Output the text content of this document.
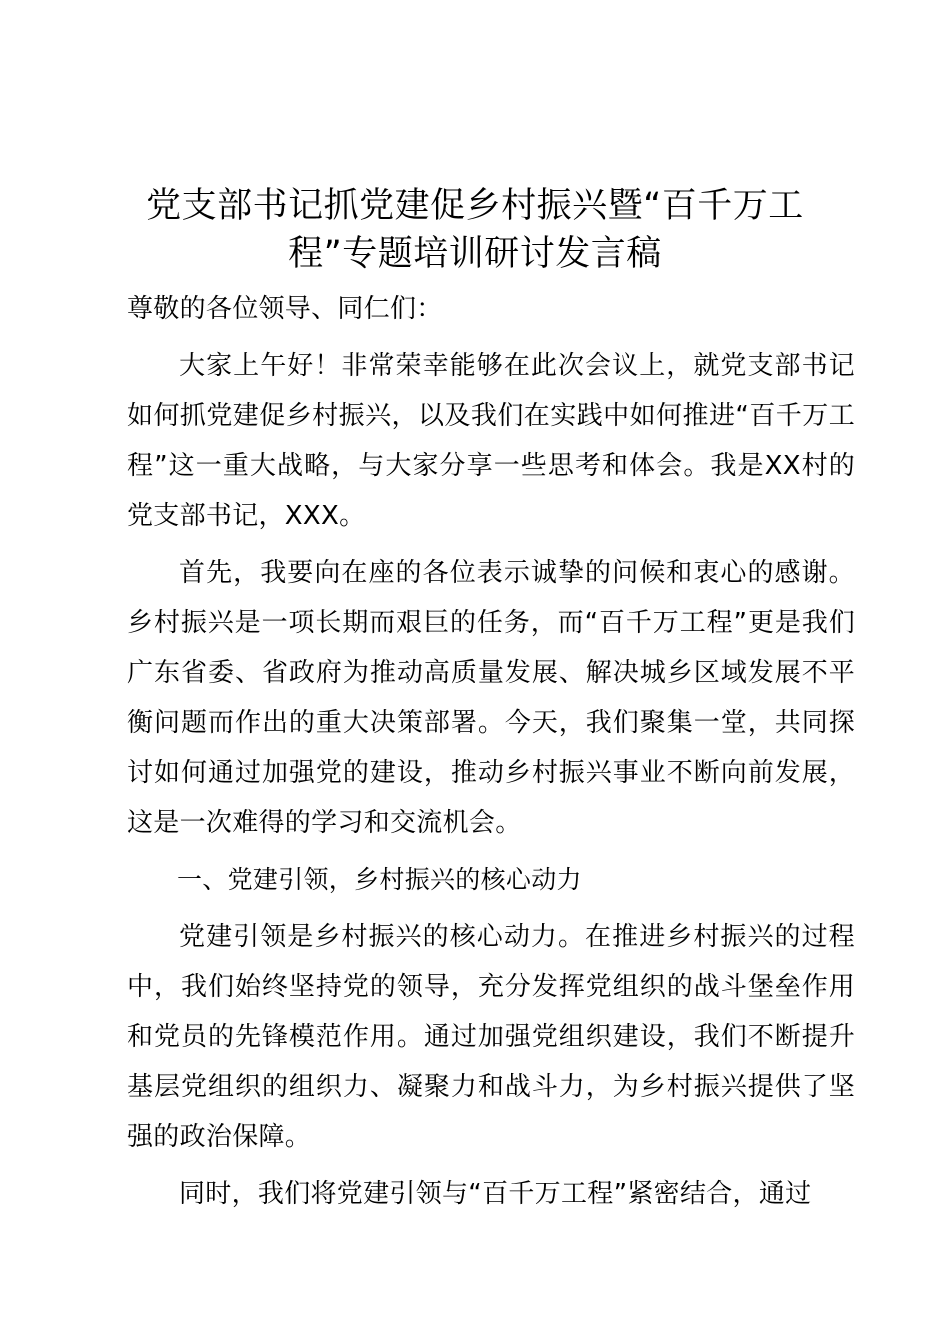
党支部书记抓党建促乡村振兴暨“百千万工程”专题培训研讨发言稿

尊敬的各位领导、同仁们：

大家上午好！非常荣幸能够在此次会议上，就党支部书记如何抓党建促乡村振兴，以及我们在实践中如何推进“百千万工程”这一重大战略，与大家分享一些思考和体会。我是XX村的党支部书记，XXX。

首先，我要向在座的各位表示诚挚的问候和衷心的感谢。乡村振兴是一项长期而艰巨的任务，而“百千万工程”更是我们广东省委、省政府为推动高质量发展、解决城乡区域发展不平衡问题而作出的重大决策部署。今天，我们聚集一堂，共同探讨如何通过加强党的建设，推动乡村振兴事业不断向前发展，这是一次难得的学习和交流机会。

一、党建引领，乡村振兴的核心动力

党建引领是乡村振兴的核心动力。在推进乡村振兴的过程中，我们始终坚持党的领导，充分发挥党组织的战斗堡垒作用和党员的先锋模范作用。通过加强党组织建设，我们不断提升基层党组织的组织力、凝聚力和战斗力，为乡村振兴提供了坚强的政治保障。

同时，我们将党建引领与“百千万工程”紧密结合，通过
